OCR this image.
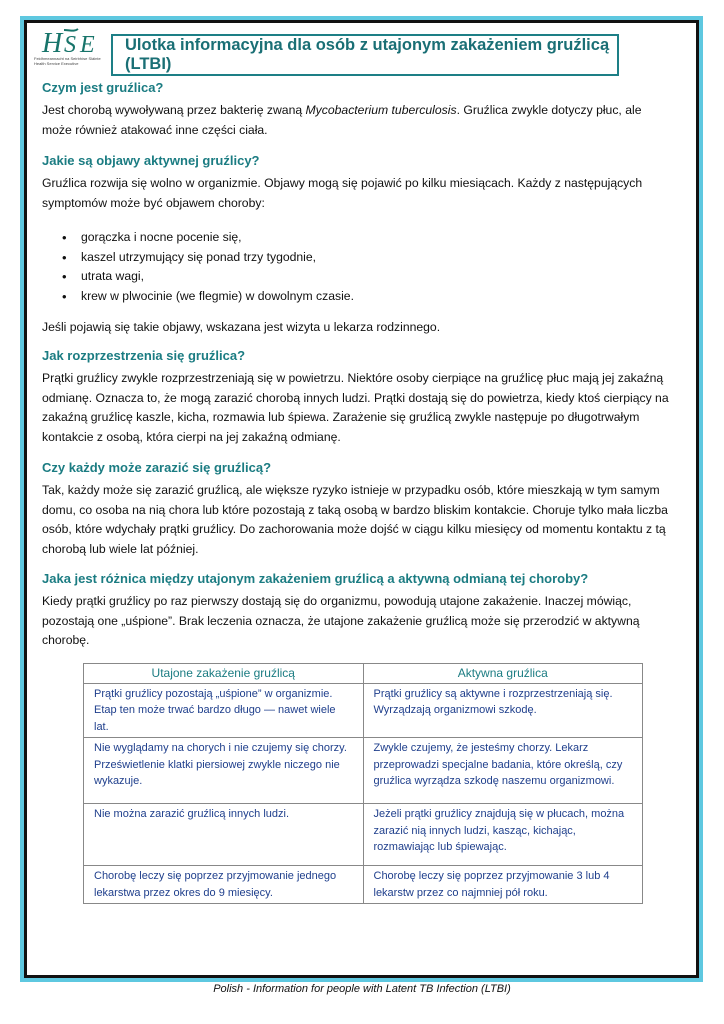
H S E
Feidhmeannacht na Seirbhíse Sláinte Health Service Executive
Ulotka informacyjna dla osób z utajonym zakażeniem gruźlicą (LTBI)
Czym jest gruźlica?

Jest chorobą wywoływaną przez bakterię zwaną Mycobacterium tuberculosis. Gruźlica zwykle dotyczy płuc, ale może również atakować inne części ciała.

Jakie są objawy aktywnej gruźlicy?

Gruźlica rozwija się wolno w organizmie. Objawy mogą się pojawić po kilku miesiącach. Każdy z następujących symptomów może być objawem choroby:

• gorączka i nocne pocenie się,
• kaszel utrzymujący się ponad trzy tygodnie,
• utrata wagi,
• krew w plwocinie (we flegmie) w dowolnym czasie.

Jeśli pojawią się takie objawy, wskazana jest wizyta u lekarza rodzinnego.

Jak rozprzestrzenia się gruźlica?

Prątki gruźlicy zwykle rozprzestrzeniają się w powietrzu. Niektóre osoby cierpiące na gruźlicę płuc mają jej zakaźną odmianę. Oznacza to, że mogą zarazić chorobą innych ludzi. Prątki dostają się do powietrza, kiedy ktoś cierpiący na zakaźną gruźlicę kaszle, kicha, rozmawia lub śpiewa. Zarażenie się gruźlicą zwykle następuje po długotrwałym kontakcie z osobą, która cierpi na jej zakaźną odmianę.

Czy każdy może zarazić się gruźlicą?

Tak, każdy może się zarazić gruźlicą, ale większe ryzyko istnieje w przypadku osób, które mieszkają w tym samym domu, co osoba na nią chora lub które pozostają z taką osobą w bardzo bliskim kontakcie. Choruje tylko mała liczba osób, które wdychały prątki gruźlicy. Do zachorowania może dojść w ciągu kilku miesięcy od momentu kontaktu z tą chorobą lub wiele lat później.

Jaka jest różnica między utajonym zakażeniem gruźlicą a aktywną odmianą tej choroby?

Kiedy prątki gruźlicy po raz pierwszy dostają się do organizmu, powodują utajone zakażenie. Inaczej mówiąc, pozostają one „uśpione”. Brak leczenia oznacza, że utajone zakażenie gruźlicą może się przerodzić w aktywną chorobę.

Utajone zakażenie gruźlicą	Aktywna gruźlica
Prątki gruźlicy pozostają „uśpione” w organizmie. Etap ten może trwać bardzo długo — nawet wiele lat.	Prątki gruźlicy są aktywne i rozprzestrzeniają się. Wyrządzają organizmowi szkodę.
Nie wyglądamy na chorych i nie czujemy się chorzy. Prześwietlenie klatki piersiowej zwykle niczego nie wykazuje.	Zwykle czujemy, że jesteśmy chorzy. Lekarz przeprowadzi specjalne badania, które określą, czy gruźlica wyrządza szkodę naszemu organizmowi.
Nie można zarazić gruźlicą innych ludzi.	Jeżeli prątki gruźlicy znajdują się w płucach, można zarazić nią innych ludzi, kasząc, kichając, rozmawiając lub śpiewając.
Chorobę leczy się poprzez przyjmowanie jednego lekarstwa przez okres do 9 miesięcy.	Chorobę leczy się poprzez przyjmowanie 3 lub 4 lekarstw przez co najmniej pół roku.
Polish - Information for people with Latent TB Infection (LTBI)
